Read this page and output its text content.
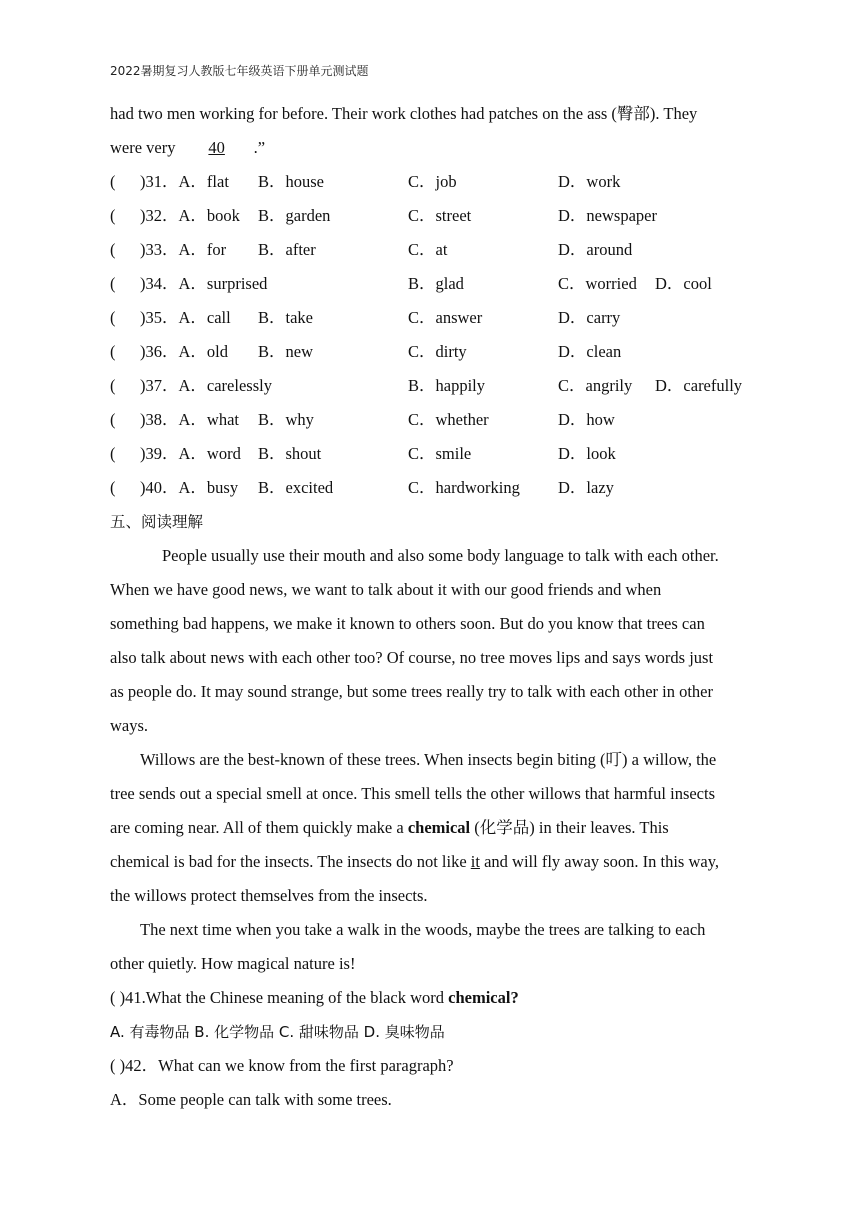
2022暑期复习人教版七年级英语下册单元测试题
had two men working for before. Their work clothes had patches on the ass (臀部). They
were very 40 .”
( )31．A．flat B．house	C．job	D．work
( )32．A．book B．garden	C．street	D．newspaper
( )33．A．for B．after	C．at	D．around
( )34．A．surprised	B．glad	C．worried D．cool
( )35．A．call B．take	C．answer	D．carry
( )36．A．old B．new	C．dirty	D．clean
( )37．A．carelessly	B．happily	C．angrily D．carefully
( )38．A．what B．why	C．whether	D．how
( )39．A．word B．shout	C．smile	D．look
( )40．A．busy B．excited	C．hardworking D．lazy
五、阅读理解
People usually use their mouth and also some body language to talk with each other.
When we have good news, we want to talk about it with our good friends and when
something bad happens, we make it known to others soon. But do you know that trees can
also talk about news with each other too? Of course, no tree moves lips and says words just
as people do. It may sound strange, but some trees really try to talk with each other in other
ways.
Willows are the best-known of these trees. When insects begin biting (叮) a willow, the
tree sends out a special smell at once. This smell tells the other willows that harmful insects
are coming near. All of them quickly make a chemical (化学品) in their leaves. This
chemical is bad for the insects. The insects do not like it and will fly away soon. In this way,
the willows protect themselves from the insects.
The next time when you take a walk in the woods, maybe the trees are talking to each
other quietly. How magical nature is!
( )41.What the Chinese meaning of the black word chemical?
A. 有毒物品 B. 化学物品 C. 甜味物品 D. 臭味物品
( )42．What can we know from the first paragraph?
A．Some people can talk with some trees.
